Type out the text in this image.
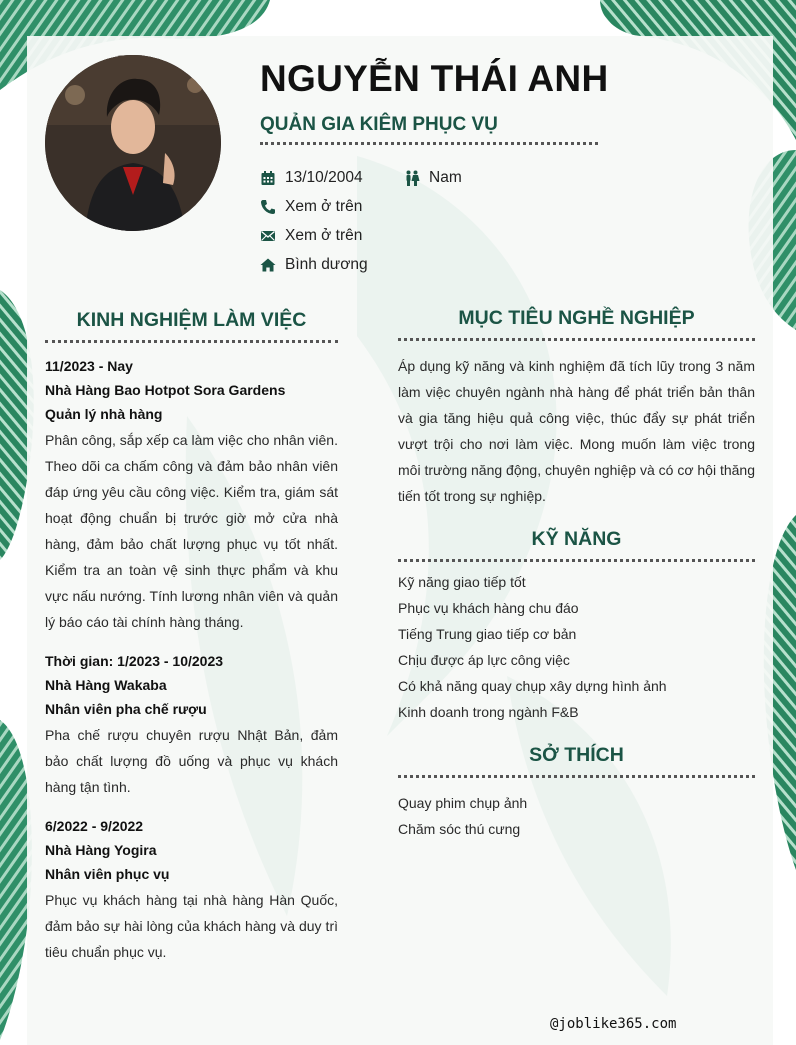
NGUYỄN THÁI ANH
QUẢN GIA KIÊM PHỤC VỤ
13/10/2004	Nam
Xem ở trên
Xem ở trên
Bình dương
KINH NGHIỆM LÀM VIỆC
11/2023 - Nay
Nhà Hàng Bao Hotpot Sora Gardens
Quản lý nhà hàng
Phân công, sắp xếp ca làm việc cho nhân viên. Theo dõi ca chấm công và đảm bảo nhân viên đáp ứng yêu cầu công việc. Kiểm tra, giám sát hoạt động chuẩn bị trước giờ mở cửa nhà hàng, đảm bảo chất lượng phục vụ tốt nhất. Kiểm tra an toàn vệ sinh thực phẩm và khu vực nấu nướng. Tính lương nhân viên và quản lý báo cáo tài chính hàng tháng.
Thời gian: 1/2023 - 10/2023
Nhà Hàng Wakaba
Nhân viên pha chế rượu
Pha chế rượu chuyên rượu Nhật Bản, đảm bảo chất lượng đồ uống và phục vụ khách hàng tận tình.
6/2022 - 9/2022
Nhà Hàng Yogira
Nhân viên phục vụ
Phục vụ khách hàng tại nhà hàng Hàn Quốc, đảm bảo sự hài lòng của khách hàng và duy trì tiêu chuẩn phục vụ.
MỤC TIÊU NGHỀ NGHIỆP
Áp dụng kỹ năng và kinh nghiệm đã tích lũy trong 3 năm làm việc chuyên ngành nhà hàng để phát triển bản thân và gia tăng hiệu quả công việc, thúc đẩy sự phát triển vượt trội cho nơi làm việc. Mong muốn làm việc trong môi trường năng động, chuyên nghiệp và có cơ hội thăng tiến tốt trong sự nghiệp.
KỸ NĂNG
Kỹ năng giao tiếp tốt
Phục vụ khách hàng chu đáo
Tiếng Trung giao tiếp cơ bản
Chịu được áp lực công việc
Có khả năng quay chụp xây dựng hình ảnh
Kinh doanh trong ngành F&B
SỞ THÍCH
Quay phim chụp ảnh
Chăm sóc thú cưng
@joblike365.com
